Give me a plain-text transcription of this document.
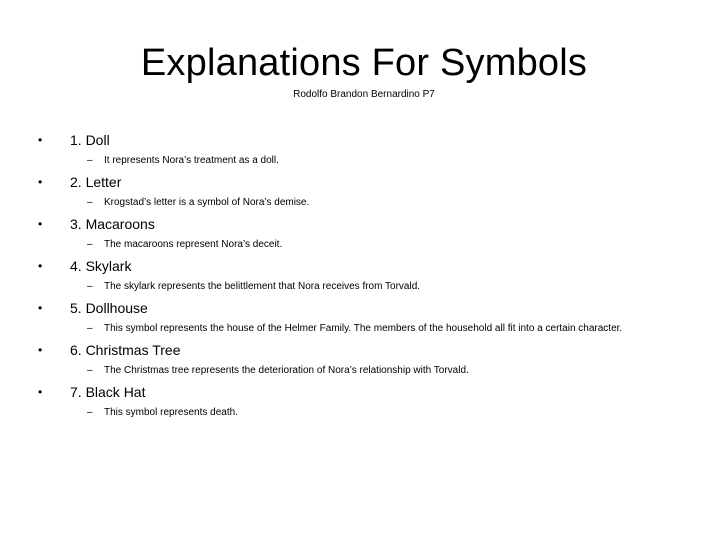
Explanations For Symbols
Rodolfo Brandon Bernardino P7
• 1. Doll
– It represents Nora’s treatment as a doll.
• 2. Letter
– Krogstad’s letter is a symbol of Nora’s demise.
• 3. Macaroons
– The macaroons represent Nora’s deceit.
• 4. Skylark
– The skylark represents the belittlement that Nora receives from Torvald.
• 5. Dollhouse
– This symbol represents the house of the Helmer Family. The members of the household all fit into a certain character.
• 6. Christmas Tree
– The Christmas tree represents the deterioration of Nora’s relationship with Torvald.
• 7. Black Hat
– This symbol represents death.
